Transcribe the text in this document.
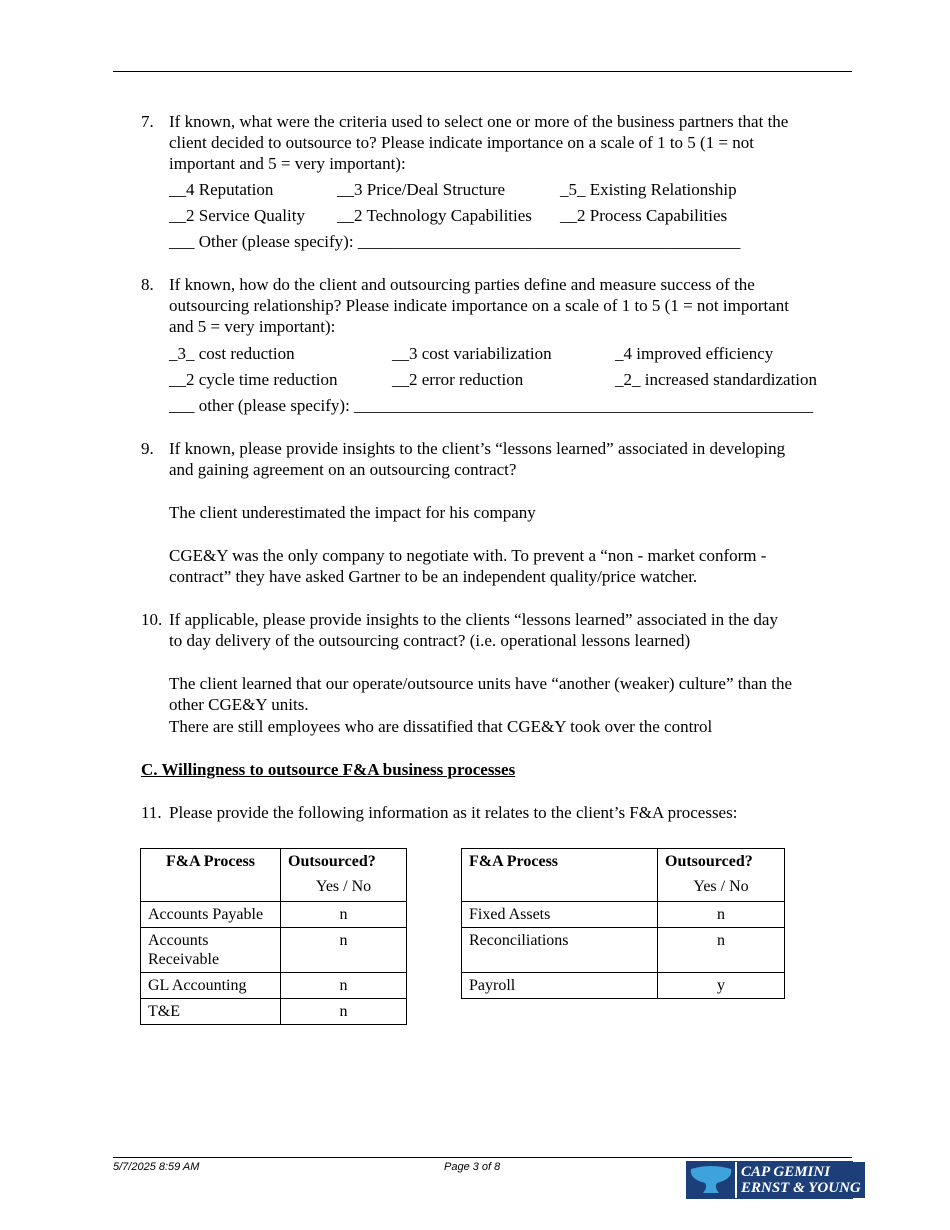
7. If known, what were the criteria used to select one or more of the business partners that the
client decided to outsource to? Please indicate importance on a scale of 1 to 5 (1 = not
important and 5 = very important):
__4 Reputation	__3 Price/Deal Structure	_5_ Existing Relationship
__2 Service Quality __2 Technology Capabilities __2 Process Capabilities
___ Other (please specify): _____________________________________________
8. If known, how do the client and outsourcing parties define and measure success of the
outsourcing relationship? Please indicate importance on a scale of 1 to 5 (1 = not important
and 5 = very important):
_3_ cost reduction	__3 cost variabilization	_4 improved efficiency
__2 cycle time reduction	__2 error reduction	_2_ increased standardization
___ other (please specify): ______________________________________________________
9. If known, please provide insights to the client’s “lessons learned” associated in developing
and gaining agreement on an outsourcing contract?
The client underestimated the impact for his company
CGE&Y was the only company to negotiate with. To prevent a “non - market conform -
contract” they have asked Gartner to be an independent quality/price watcher.
10. If applicable, please provide insights to the clients “lessons learned” associated in the day
to day delivery of the outsourcing contract? (i.e. operational lessons learned)
The client learned that our operate/outsource units have “another (weaker) culture” than the
other CGE&Y units.
There are still employees who are dissatified that CGE&Y took over the control
C. Willingness to outsource F&A business processes
11. Please provide the following information as it relates to the client’s F&A processes:
F&A Process	Outsourced?
Yes / No

Accounts Payable	n

Accounts Receivable	n
GL Accounting	n
T&E	n
F&A Process	Outsourced?
Yes / No

Fixed Assets	n
Reconciliations	n
Payroll	y
5/7/2025 8:59 AM	Page 3 of 8	CAP GEMINI
ERNST & YOUNG
